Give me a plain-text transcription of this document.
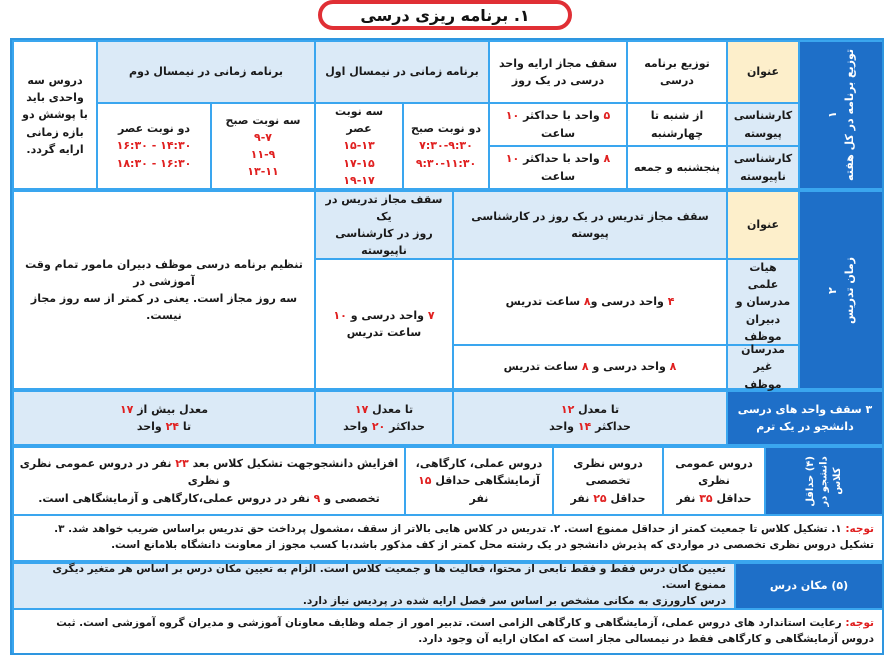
۱. برنامه ریزی درسی
۱
توزیع برنامه در کل هفته
عنوان
توزیع برنامه
درسی
سقف مجاز ارایه واحد
درسی در یک روز
برنامه زمانی در نیمسال اول
برنامه زمانی در نیمسال دوم
دروس سه
واحدی باید
با پوشش دو
بازه زمانی
ارایه گردد.
کارشناسی
پیوسته
از شنبه تا چهارشنبه
۵ واحد با حداکثر ۱۰
ساعت
کارشناسی
ناپیوسته
پنجشنبه و جمعه
۸ واحد با حداکثر ۱۰
ساعت
دو نوبت صبح
۷:۳۰-۹:۳۰
۹:۳۰-۱۱:۳۰
سه نوبت عصر
۱۵-۱۳
۱۷-۱۵
۱۹-۱۷
سه نوبت صبح
۹-۷
۱۱-۹
۱۳-۱۱
دو نوبت عصر
۱۴:۳۰ - ۱۶:۳۰
۱۶:۳۰ - ۱۸:۳۰
۲
زمان تدریس
عنوان
سقف مجاز تدریس در یک روز در کارشناسی پیوسته
سقف مجاز تدریس در یک
روز در کارشناسی ناپیوسته
تنظیم برنامه درسی موظف دبیران مامور تمام وقت آموزشی در
سه روز مجاز است. یعنی در کمتر از سه روز مجاز نیست.
هیات علمی
مدرسان و
دبیران
موظف
۴ واحد درسی و۸ ساعت تدریس
۷ واحد درسی و ۱۰ ساعت تدریس
مدرسان غیر
موظف
۸ واحد درسی و ۸ ساعت تدریس
۳ سقف واحد های درسی
دانشجو در یک ترم
تا معدل ۱۲
حداکثر ۱۴ واحد
تا معدل ۱۷
حداکثر ۲۰ واحد
معدل بیش از ۱۷
تا ۲۴ واحد
(۴) حداقل
دانشجو در
کلاس
دروس عمومی
نظری
حداقل ۳۵ نفر
دروس نظری
تخصصی
حداقل ۲۵ نفر
دروس عملی، کارگاهی،
آزمایشگاهی حداقل ۱۵ نفر
افزایش دانشجوجهت تشکیل کلاس بعد ۲۳ نفر در دروس عمومی نظری و نظری
تخصصی و ۹ نفر در دروس عملی،کارگاهی و آزمایشگاهی است.
توجه: ۱. تشکیل کلاس تا جمعیت کمتر از حداقل ممنوع است. ۲. تدریس در کلاس هایی بالاتر از سقف ،مشمول پرداخت حق تدریس براساس ضریب خواهد شد. ۳. تشکیل دروس نظری تخصصی در مواردی که پذیرش دانشجو در یک رشته محل کمتر از کف مذکور باشد،با کسب مجوز از معاونت دانشگاه بلامانع است.
(۵) مکان درس
تعیین مکان درس فقط و فقط تابعی از محتوا، فعالیت ها و جمعیت کلاس است. الزام به تعیین مکان درس بر اساس هر متغیر دیگری ممنوع است.
درس کارورزی به مکانی مشخص بر اساس سر فصل ارایه شده در پردیس نیاز دارد.
توجه: رعایت استاندارد های دروس عملی، آزمایشگاهی و کارگاهی الزامی است. تدبیر امور از جمله وظایف معاونان آموزشی و مدیران گروه آموزشی است. ثبت دروس آزمایشگاهی و کارگاهی فقط در نیمسالی مجاز است که امکان ارایه آن وجود دارد.
